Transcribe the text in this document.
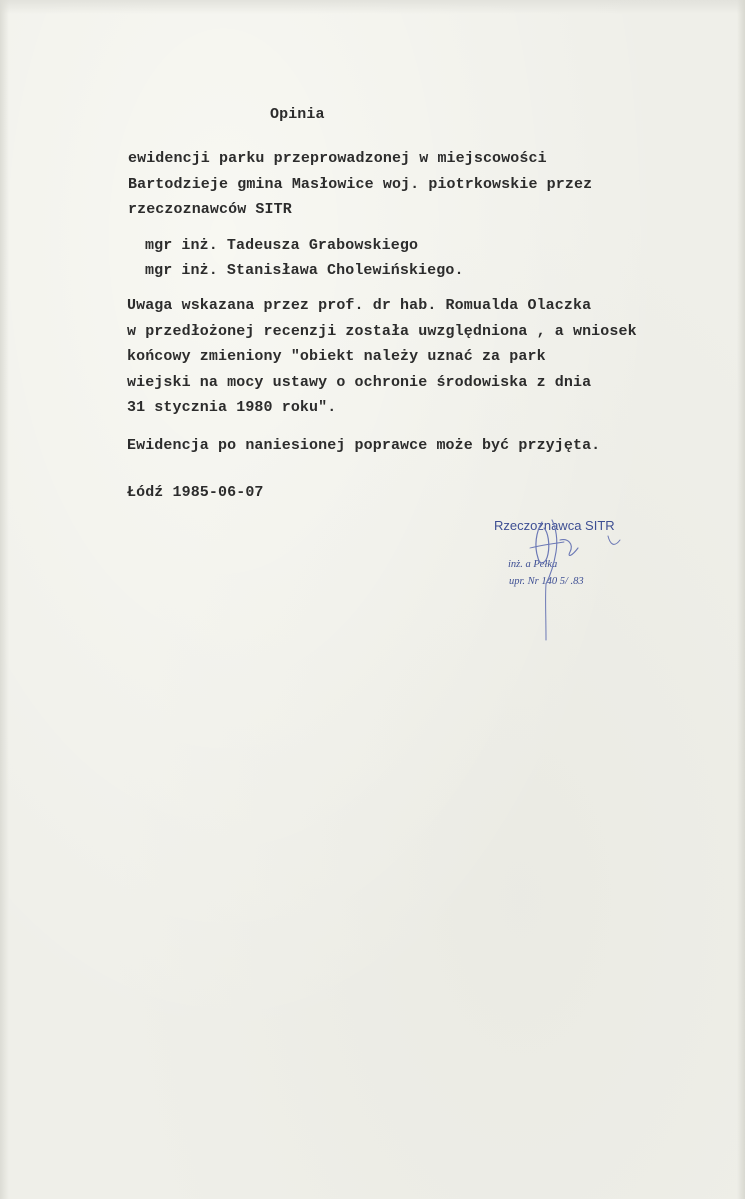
Opinia
ewidencji parku przeprowadzonej w miejscowości
Bartodzieje gmina Masłowice woj. piotrkowskie przez
rzeczoznawców SITR
mgr inż. Tadeusza Grabowskiego
mgr inż. Stanisława Cholewińskiego.
Uwaga wskazana przez prof. dr hab. Romualda Olaczka
w przedłożonej recenzji została uwzględniona , a wniosek
końcowy zmieniony "obiekt należy uznać za park
wiejski na mocy ustawy o ochronie środowiska z dnia
31 stycznia 1980 roku".
Ewidencja po naniesionej poprawce może być przyjęta.
Łódź 1985-06-07
Rzeczoznawca SITR
inż. a Pełka
upr. Nr 140 5/ .83
